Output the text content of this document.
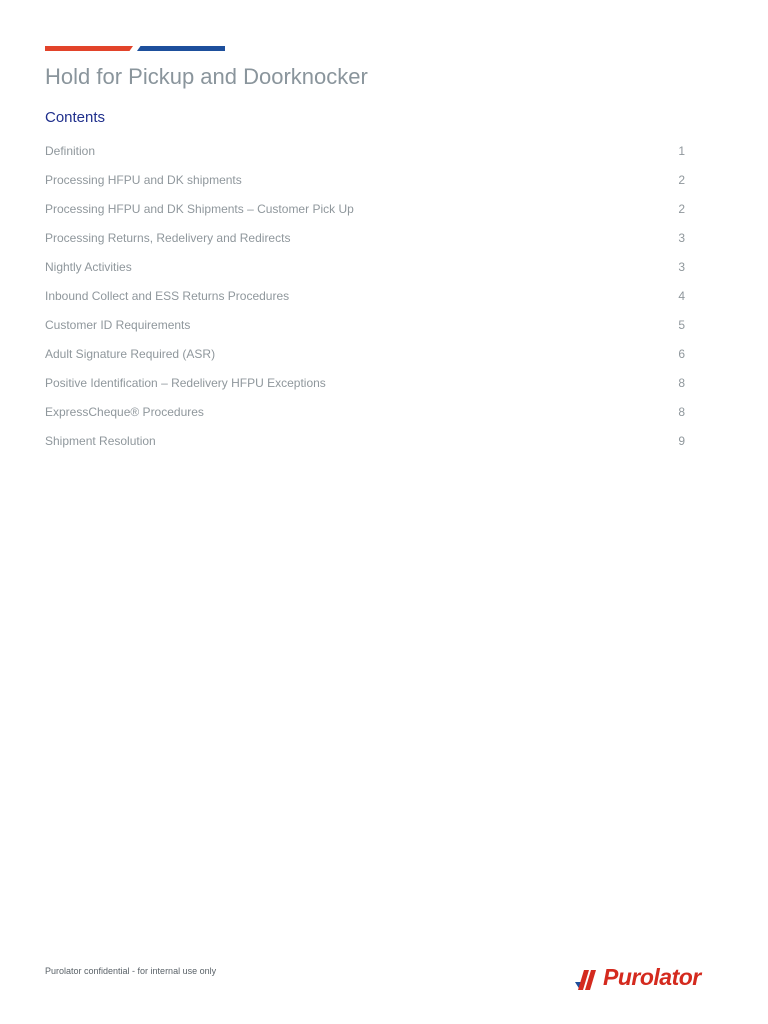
Hold for Pickup and Doorknocker
Contents
Definition	1
Processing HFPU and DK shipments	2
Processing HFPU and DK Shipments – Customer Pick Up	2
Processing Returns, Redelivery and Redirects	3
Nightly Activities	3
Inbound Collect and ESS Returns Procedures	4
Customer ID Requirements	5
Adult Signature Required (ASR)	6
Positive Identification – Redelivery HFPU Exceptions	8
ExpressCheque® Procedures	8
Shipment Resolution	9
Purolator confidential - for internal use only	Purolator
